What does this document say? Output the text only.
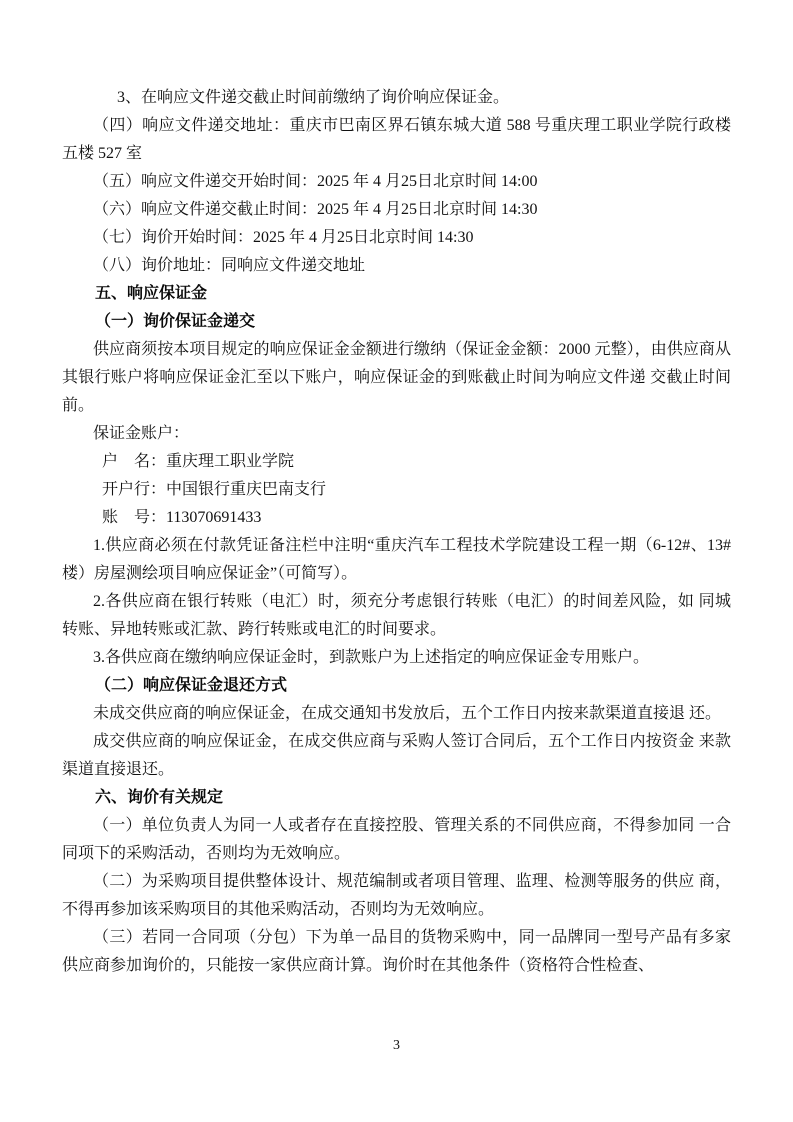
3、在响应文件递交截止时间前缴纳了询价响应保证金。

（四）响应文件递交地址：重庆市巴南区界石镇东城大道 588 号重庆理工职业学院行政楼五楼 527 室

（五）响应文件递交开始时间：2025 年 4 月25日北京时间 14:00

（六）响应文件递交截止时间：2025 年 4 月25日北京时间 14:30

（七）询价开始时间：2025 年 4 月25日北京时间 14:30

（八）询价地址：同响应文件递交地址

五、响应保证金

（一）询价保证金递交

供应商须按本项目规定的响应保证金金额进行缴纳（保证金金额：2000 元整），由供应商从其银行账户将响应保证金汇至以下账户，响应保证金的到账截止时间为响应文件递 交截止时间前。

保证金账户：

户　名：重庆理工职业学院

开户行：中国银行重庆巴南支行

账　号：113070691433

1.供应商必须在付款凭证备注栏中注明“重庆汽车工程技术学院建设工程一期（6-12#、13#楼）房屋测绘项目响应保证金”（可简写）。

2.各供应商在银行转账（电汇）时，须充分考虑银行转账（电汇）的时间差风险，如 同城转账、异地转账或汇款、跨行转账或电汇的时间要求。

3.各供应商在缴纳响应保证金时，到款账户为上述指定的响应保证金专用账户。

（二）响应保证金退还方式

未成交供应商的响应保证金，在成交通知书发放后，五个工作日内按来款渠道直接退 还。

成交供应商的响应保证金，在成交供应商与采购人签订合同后，五个工作日内按资金 来款渠道直接退还。

六、询价有关规定

（一）单位负责人为同一人或者存在直接控股、管理关系的不同供应商，不得参加同 一合同项下的采购活动，否则均为无效响应。

（二）为采购项目提供整体设计、规范编制或者项目管理、监理、检测等服务的供应 商，不得再参加该采购项目的其他采购活动，否则均为无效响应。

（三）若同一合同项（分包）下为单一品目的货物采购中，同一品牌同一型号产品有多家供应商参加询价的，只能按一家供应商计算。询价时在其他条件（资格符合性检查、

3
